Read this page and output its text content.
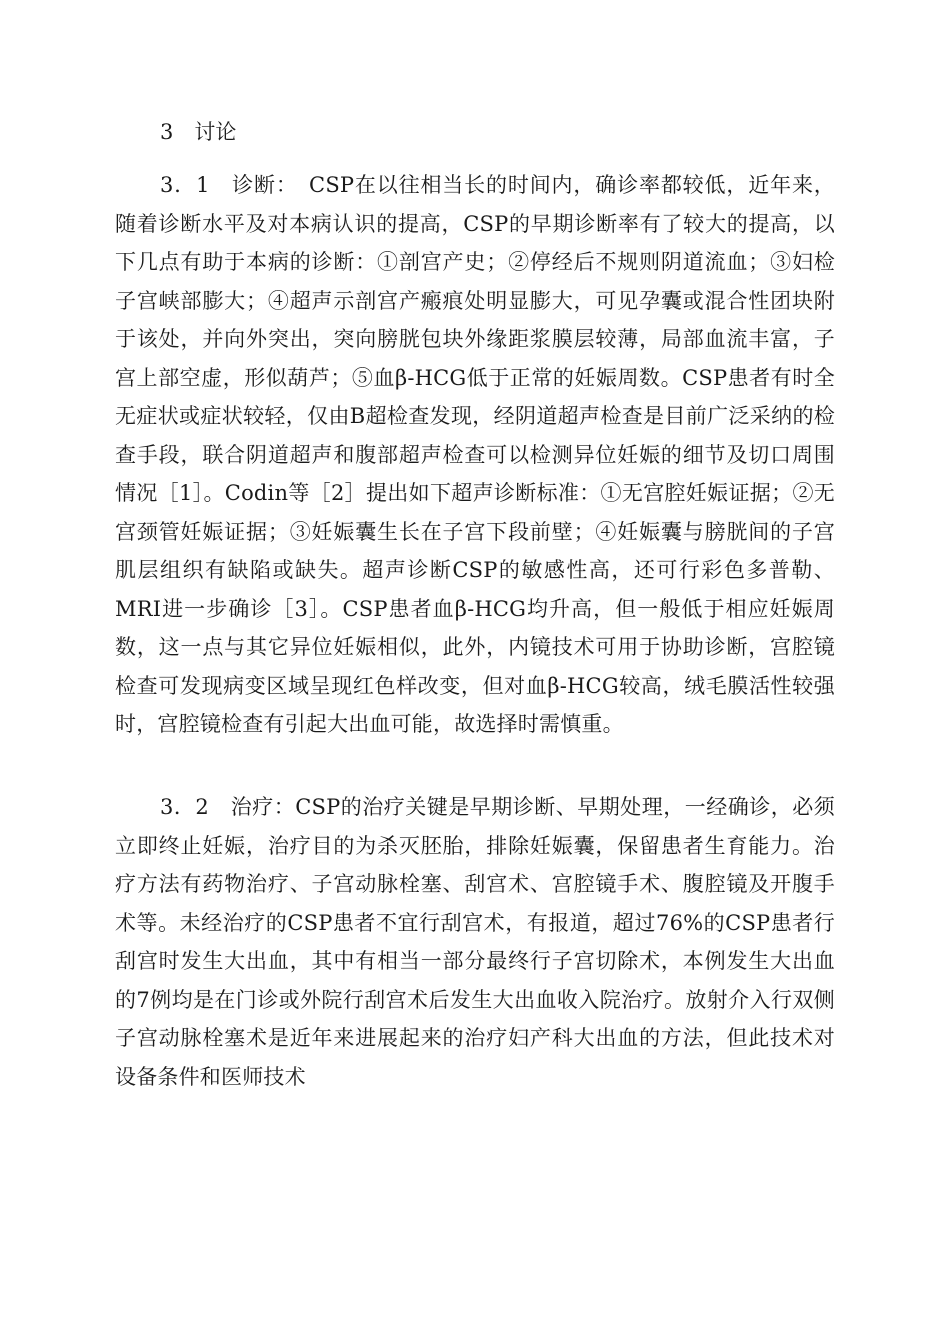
3　讨论

3．1　诊断：　CSP在以往相当长的时间内，确诊率都较低，近年来，随着诊断水平及对本病认识的提高，CSP的早期诊断率有了较大的提高，以下几点有助于本病的诊断：①剖宫产史；②停经后不规则阴道流血；③妇检子宫峡部膨大；④超声示剖宫产瘢痕处明显膨大，可见孕囊或混合性团块附于该处，并向外突出，突向膀胱包块外缘距浆膜层较薄，局部血流丰富，子宫上部空虚，形似葫芦；⑤血β-HCG低于正常的妊娠周数。CSP患者有时全无症状或症状较轻，仅由B超检查发现，经阴道超声检查是目前广泛采纳的检查手段，联合阴道超声和腹部超声检查可以检测异位妊娠的细节及切口周围情况［1］。Codin等［2］提出如下超声诊断标准：①无宫腔妊娠证据；②无宫颈管妊娠证据；③妊娠囊生长在子宫下段前壁；④妊娠囊与膀胱间的子宫肌层组织有缺陷或缺失。超声诊断CSP的敏感性高，还可行彩色多普勒、MRI进一步确诊［3］。CSP患者血β-HCG均升高，但一般低于相应妊娠周数，这一点与其它异位妊娠相似，此外，内镜技术可用于协助诊断，宫腔镜检查可发现病变区域呈现红色样改变，但对血β-HCG较高，绒毛膜活性较强时，宫腔镜检查有引起大出血可能，故选择时需慎重。

3．2　治疗：CSP的治疗关键是早期诊断、早期处理，一经确诊，必须立即终止妊娠，治疗目的为杀灭胚胎，排除妊娠囊，保留患者生育能力。治疗方法有药物治疗、子宫动脉栓塞、刮宫术、宫腔镜手术、腹腔镜及开腹手术等。未经治疗的CSP患者不宜行刮宫术，有报道，超过76%的CSP患者行刮宫时发生大出血，其中有相当一部分最终行子宫切除术，本例发生大出血的7例均是在门诊或外院行刮宫术后发生大出血收入院治疗。放射介入行双侧子宫动脉栓塞术是近年来进展起来的治疗妇产科大出血的方法，但此技术对设备条件和医师技术
